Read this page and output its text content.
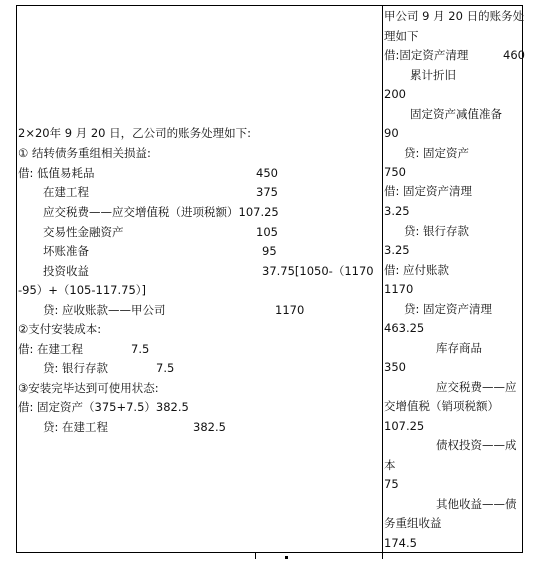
2×20年 9 月 20 日，乙公司的账务处理如下:
① 结转债务重组相关损益:
借: 低值易耗品	450
在建工程	375
应交税费——应交增值税（进项税额）107.25
交易性金融资产	105
坏账准备	95
投资收益	37.75[1050-（1170
-95）+（105-117.75）]
贷: 应收账款——甲公司	1170
②支付安装成本:
借: 在建工程	7.5
贷: 银行存款	7.5
③安装完毕达到可使用状态:
借: 固定资产（375+7.5）382.5
贷: 在建工程	382.5
甲公司 9 月 20 日的账务处
理如下
借:固定资产清理	460
累计折旧
200
固定资产减值准备
90
贷: 固定资产
750
借: 固定资产清理
3.25
贷: 银行存款
3.25
借: 应付账款
1170
贷: 固定资产清理
463.25
库存商品
350
应交税费——应
交增值税（销项税额）
107.25
债权投资——成
本
75
其他收益——债
务重组收益
174.5
